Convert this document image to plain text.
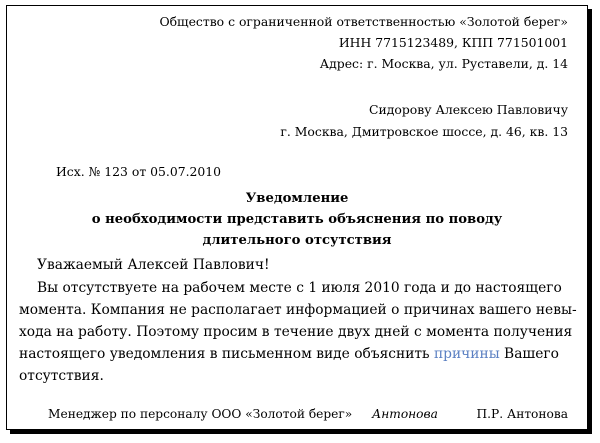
Общество с ограниченной ответственностью «Золотой берег»
ИНН 7715123489, КПП 771501001
Адрес: г. Москва, ул. Руставели, д. 14
Сидорову Алексею Павловичу
г. Москва, Дмитровское шоссе, д. 46, кв. 13
Исх. № 123 от 05.07.2010
Уведомление
о необходимости представить объяснения по поводу
длительного отсутствия
Уважаемый Алексей Павлович!
Вы отсутствуете на рабочем месте с 1 июля 2010 года и до настоящего
момента. Компания не располагает информацией о причинах вашего невы-
хода на работу. Поэтому просим в течение двух дней с момента получения
настоящего уведомления в письменном виде объяснить причины Вашего
отсутствия.
Менеджер по персоналу ООО «Золотой берег» Антонова	П.Р. Антонова
